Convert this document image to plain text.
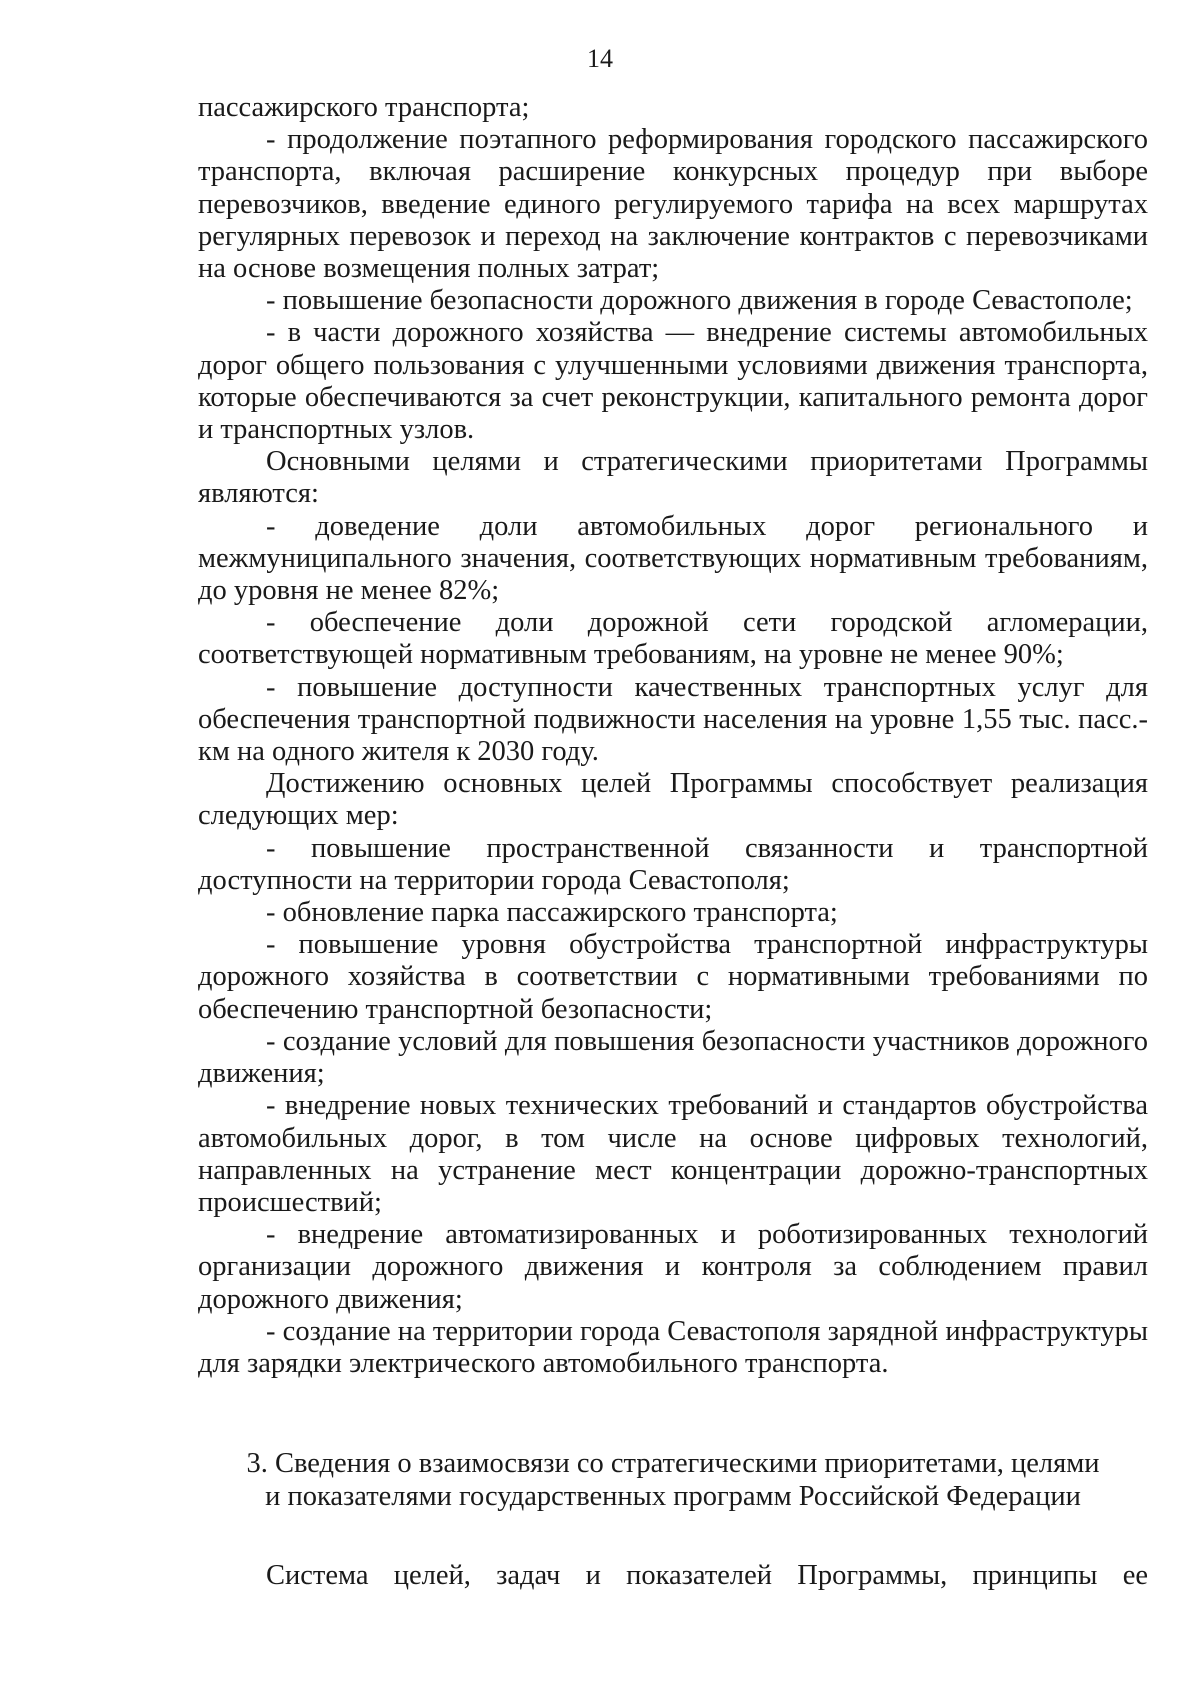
14

пассажирского транспорта;

- продолжение поэтапного реформирования городского пассажирского транспорта, включая расширение конкурсных процедур при выборе перевозчиков, введение единого регулируемого тарифа на всех маршрутах регулярных перевозок и переход на заключение контрактов с перевозчиками на основе возмещения полных затрат;

- повышение безопасности дорожного движения в городе Севастополе;

- в части дорожного хозяйства — внедрение системы автомобильных дорог общего пользования с улучшенными условиями движения транспорта, которые обеспечиваются за счет реконструкции, капитального ремонта дорог и транспортных узлов.

Основными целями и стратегическими приоритетами Программы являются:

- доведение доли автомобильных дорог регионального и межмуниципального значения, соответствующих нормативным требованиям, до уровня не менее 82%;

- обеспечение доли дорожной сети городской агломерации, соответствующей нормативным требованиям, на уровне не менее 90%;

- повышение доступности качественных транспортных услуг для обеспечения транспортной подвижности населения на уровне 1,55 тыс. пасс.-км на одного жителя к 2030 году.

Достижению основных целей Программы способствует реализация следующих мер:

- повышение пространственной связанности и транспортной доступности на территории города Севастополя;

- обновление парка пассажирского транспорта;

- повышение уровня обустройства транспортной инфраструктуры дорожного хозяйства в соответствии с нормативными требованиями по обеспечению транспортной безопасности;

- создание условий для повышения безопасности участников дорожного движения;

- внедрение новых технических требований и стандартов обустройства автомобильных дорог, в том числе на основе цифровых технологий, направленных на устранение мест концентрации дорожно-транспортных происшествий;

- внедрение автоматизированных и роботизированных технологий организации дорожного движения и контроля за соблюдением правил дорожного движения;

- создание на территории города Севастополя зарядной инфраструктуры для зарядки электрического автомобильного транспорта.

3. Сведения о взаимосвязи со стратегическими приоритетами, целями
и показателями государственных программ Российской Федерации

Система целей, задач и показателей Программы, принципы ее
